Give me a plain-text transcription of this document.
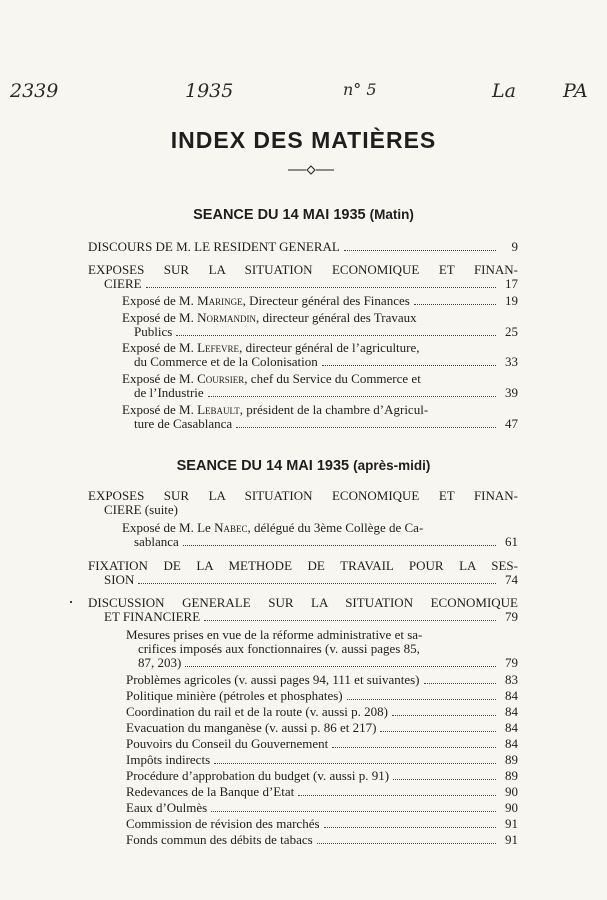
2339	1935	n° 5	La PA
INDEX DES MATIÈRES
SEANCE DU 14 MAI 1935 (Matin)
DISCOURS DE M. LE RESIDENT GENERAL	9
EXPOSES SUR LA SITUATION ECONOMIQUE ET FINAN-
CIERE	17
Exposé de M. Maringe, Directeur général des Finances	19
Exposé de M. Normandin, directeur général des Travaux
Publics	25
Exposé de M. Lefevre, directeur général de l’agriculture,
du Commerce et de la Colonisation	33
Exposé de M. Coursier, chef du Service du Commerce et
de l’Industrie	39
Exposé de M. Lebault, président de la chambre d’Agricul-
ture de Casablanca	47
SEANCE DU 14 MAI 1935 (après-midi)
EXPOSES SUR LA SITUATION ECONOMIQUE ET FINAN-
CIERE (suite)
Exposé de M. Le Nabec, délégué du 3ème Collège de Ca-
sablanca	61
FIXATION DE LA METHODE DE TRAVAIL POUR LA SES-
SION	74
· DISCUSSION GENERALE SUR LA SITUATION ECONOMIQUE
ET FINANCIERE	79
Mesures prises en vue de la réforme administrative et sa-
crifices imposés aux fonctionnaires (v. aussi pages 85,
87, 203)	79
Problèmes agricoles (v. aussi pages 94, 111 et suivantes)	83
Politique minière (pétroles et phosphates)	84
Coordination du rail et de la route (v. aussi p. 208)	84
Evacuation du manganèse (v. aussi p. 86 et 217)	84
Pouvoirs du Conseil du Gouvernement	84
Impôts indirects	89
Procédure d’approbation du budget (v. aussi p. 91)	89
Redevances de la Banque d’Etat	90
Eaux d’Oulmès	90
Commission de révision des marchés	91
Fonds commun des débits de tabacs	91
